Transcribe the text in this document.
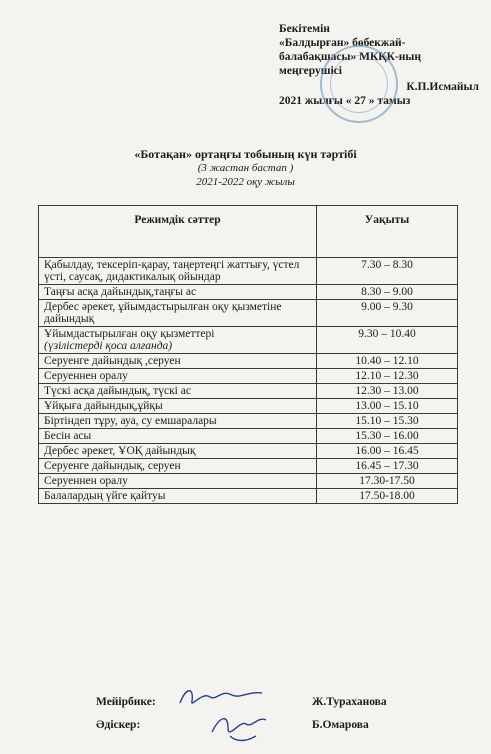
Бекітемін
«Балдырған» бөбекжай-
балабақшасы» МКҚК-ның
меңгерушісі
К.П.Исмайыл
2021 жылғы « 27 » тамыз
«Ботақан» ортаңғы тобының күн тәртібі
(3 жастан бастап )
2021-2022 оқу жылы
Режимдік сәттер	Уақыты
Қабылдау, тексеріп-қарау, таңертеңгі жаттығу, үстел үсті, саусақ, дидактикалық ойындар	7.30 – 8.30
Таңғы асқа дайындық,таңғы ас	8.30 – 9.00
Дербес әрекет, ұйымдастырылған оқу қызметіне дайындық	9.00 – 9.30
Ұйымдастырылған оқу қызметтері
(үзілістерді қоса алғанда)	9.30 – 10.40
Серуенге дайындық ,серуен	10.40 – 12.10
Серуеннен оралу	12.10 – 12.30
Түскі асқа дайындық, түскі ас	12.30 – 13.00
Ұйқыға дайындық,ұйқы	13.00 – 15.10
Біртіндеп тұру, ауа, су емшаралары	15.10 – 15.30
Бесін асы	15.30 – 16.00
Дербес әрекет, ҰОҚ дайындық	16.00 – 16.45
Серуенге дайындық, серуен	16.45 – 17.30
Серуеннен оралу	17.30-17.50
Балалардың үйге қайтуы	17.50-18.00
Мейірбике:	Ж.Тураханова
Әдіскер:	Б.Омарова
